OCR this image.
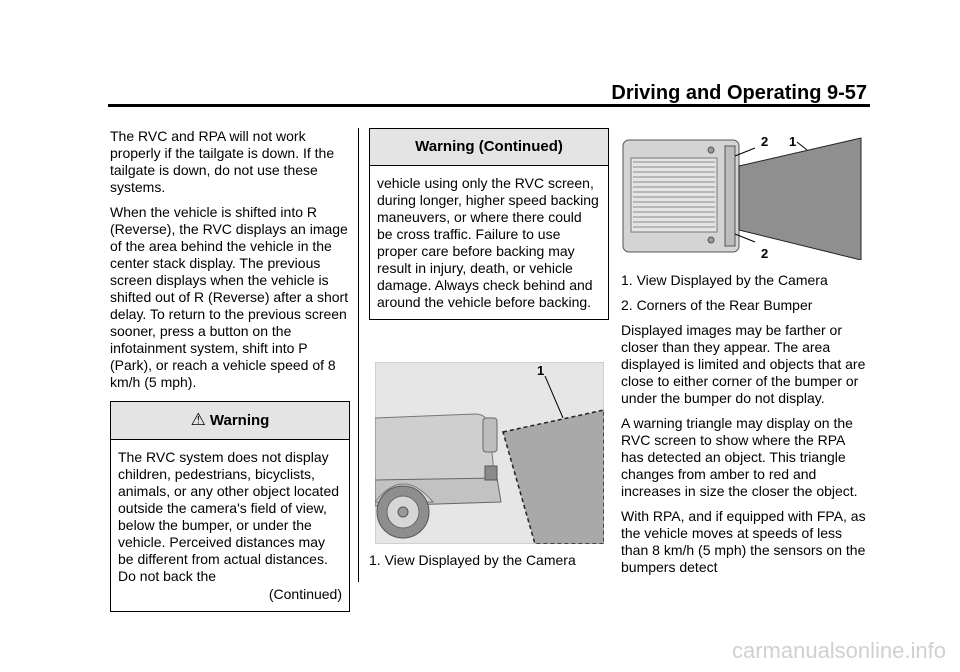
Driving and Operating 9-57

The RVC and RPA will not work properly if the tailgate is down. If the tailgate is down, do not use these systems.

When the vehicle is shifted into R (Reverse), the RVC displays an image of the area behind the vehicle in the center stack display. The previous screen displays when the vehicle is shifted out of R (Reverse) after a short delay. To return to the previous screen sooner, press a button on the infotainment system, shift into P (Park), or reach a vehicle speed of 8 km/h (5 mph).

⚠ Warning
The RVC system does not display children, pedestrians, bicyclists, animals, or any other object located outside the camera's field of view, below the bumper, or under the vehicle. Perceived distances may be different from actual distances. Do not back the
(Continued)
Warning (Continued)
vehicle using only the RVC screen, during longer, higher speed backing maneuvers, or where there could be cross traffic. Failure to use proper care before backing may result in injury, death, or vehicle damage. Always check behind and around the vehicle before backing.
1

1. View Displayed by the Camera

2 1
2

1. View Displayed by the Camera

2. Corners of the Rear Bumper

Displayed images may be farther or closer than they appear. The area displayed is limited and objects that are close to either corner of the bumper or under the bumper do not display.

A warning triangle may display on the RVC screen to show where the RPA has detected an object. This triangle changes from amber to red and increases in size the closer the object.

With RPA, and if equipped with FPA, as the vehicle moves at speeds of less than 8 km/h (5 mph) the sensors on the bumpers detect

carmanualsonline.info
